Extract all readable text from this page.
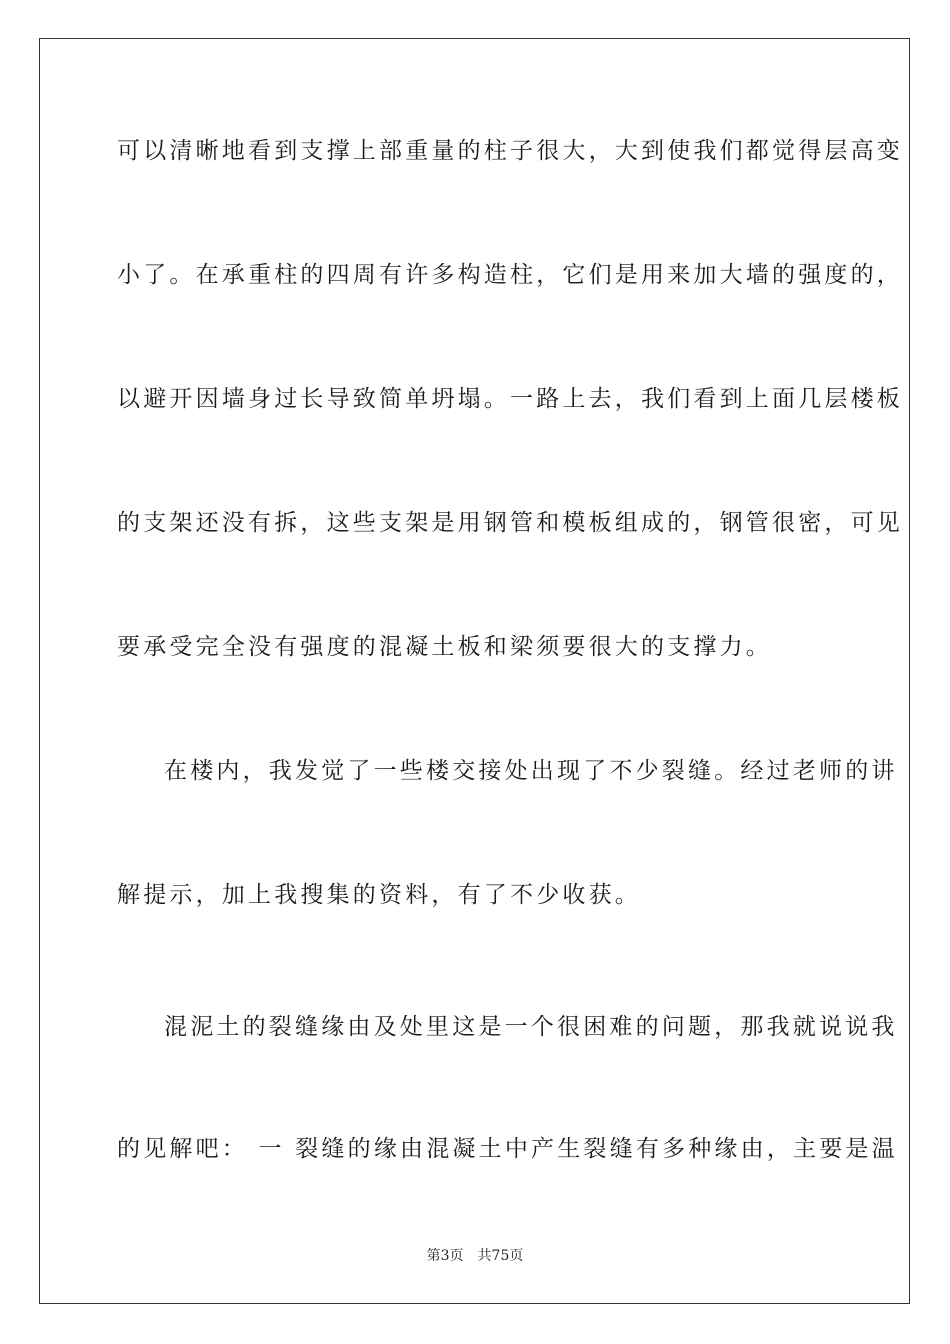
可以清晰地看到支撑上部重量的柱子很大，大到使我们都觉得层高变
小了。在承重柱的四周有许多构造柱，它们是用来加大墙的强度的，
以避开因墙身过长导致简单坍塌。一路上去，我们看到上面几层楼板
的支架还没有拆，这些支架是用钢管和模板组成的，钢管很密，可见
要承受完全没有强度的混凝土板和梁须要很大的支撑力。
在楼内，我发觉了一些楼交接处出现了不少裂缝。经过老师的讲
解提示，加上我搜集的资料，有了不少收获。
混泥土的裂缝缘由及处里这是一个很困难的问题，那我就说说我
的见解吧： 一 裂缝的缘由混凝土中产生裂缝有多种缘由，主要是温
第3页 共75页
